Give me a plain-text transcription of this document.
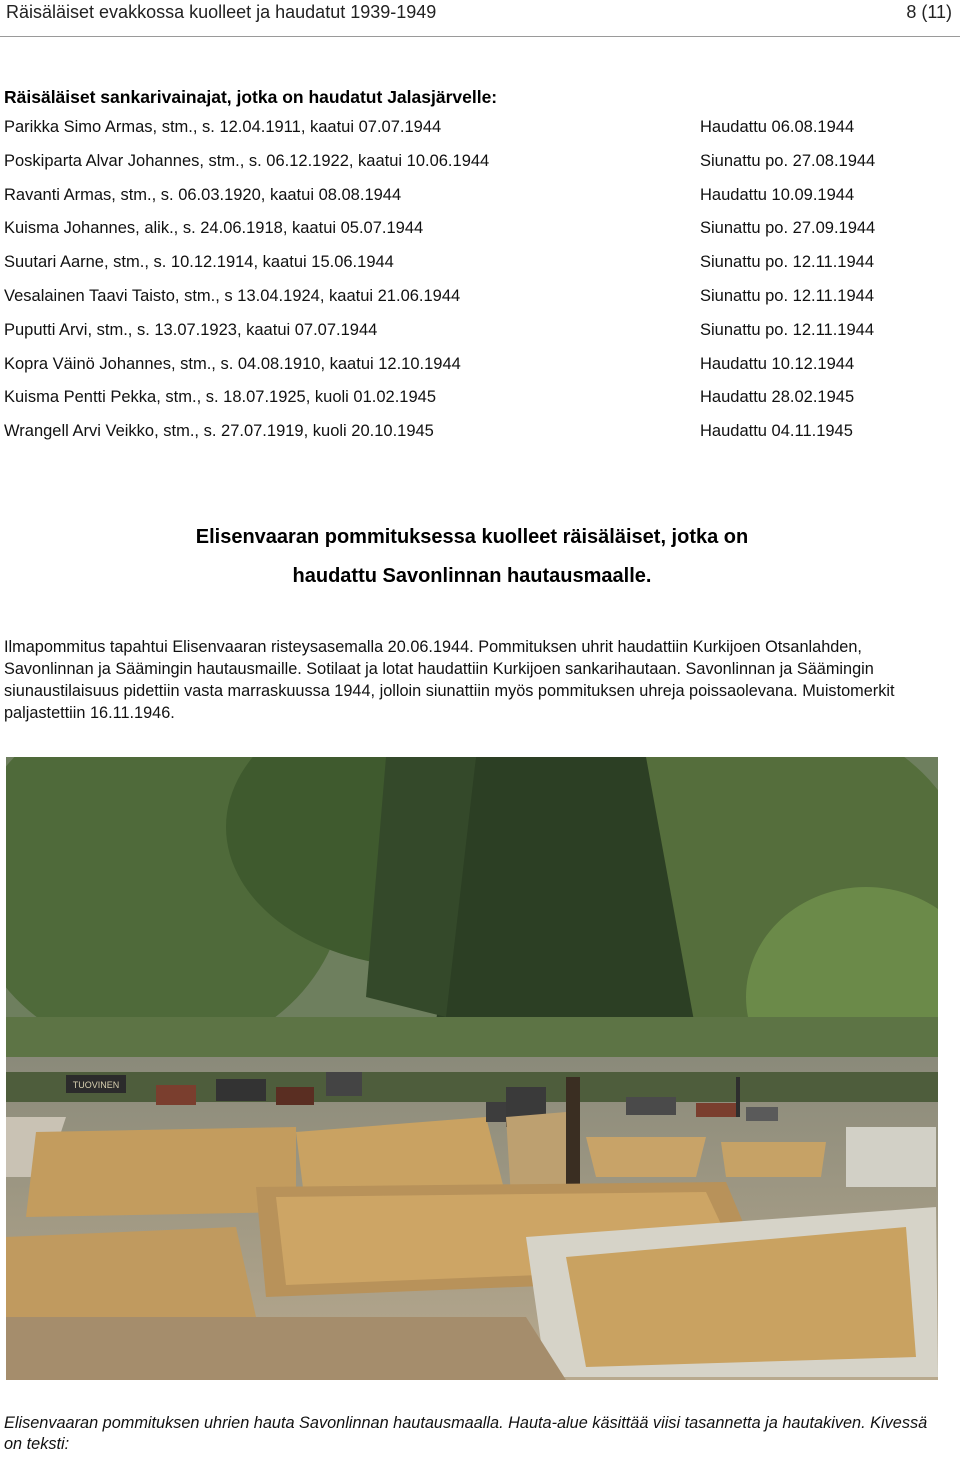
Räisäläiset evakkossa kuolleet ja haudatut 1939-1949	8 (11)
Räisäläiset sankarivainajat, jotka on haudatut Jalasjärvelle:
Parikka Simo Armas, stm., s. 12.04.1911, kaatui 07.07.1944	Haudattu 06.08.1944
Poskiparta Alvar Johannes, stm., s. 06.12.1922, kaatui 10.06.1944	Siunattu po. 27.08.1944
Ravanti Armas, stm., s. 06.03.1920, kaatui 08.08.1944	Haudattu 10.09.1944
Kuisma Johannes, alik., s. 24.06.1918, kaatui 05.07.1944	Siunattu po. 27.09.1944
Suutari Aarne, stm., s. 10.12.1914, kaatui 15.06.1944	Siunattu po. 12.11.1944
Vesalainen Taavi Taisto, stm., s 13.04.1924, kaatui 21.06.1944	Siunattu po. 12.11.1944
Puputti Arvi, stm., s. 13.07.1923, kaatui 07.07.1944	Siunattu po. 12.11.1944
Kopra Väinö Johannes, stm., s. 04.08.1910, kaatui 12.10.1944	Haudattu 10.12.1944
Kuisma Pentti Pekka, stm., s. 18.07.1925, kuoli 01.02.1945	Haudattu 28.02.1945
Wrangell Arvi Veikko, stm., s. 27.07.1919, kuoli 20.10.1945	Haudattu 04.11.1945
Elisenvaaran pommituksessa kuolleet räisäläiset, jotka on
haudattu Savonlinnan hautausmaalle.
Ilmapommitus tapahtui Elisenvaaran risteysasemalla 20.06.1944. Pommituksen uhrit haudattiin Kurkijoen Otsanlahden, Savonlinnan ja Säämingin hautausmaille. Sotilaat ja lotat haudattiin Kurkijoen sankarihautaan. Savonlinnan ja Säämingin siunaustilaisuus pidettiin vasta marraskuussa 1944, jolloin siunattiin myös pommituksen uhreja poissaolevana. Muistomerkit paljastettiin 16.11.1946.
TUOVINEN
Elisenvaaran pommituksen uhrien hauta Savonlinnan hautausmaalla. Hauta-alue käsittää viisi tasannetta ja hautakiven. Kivessä on teksti:
